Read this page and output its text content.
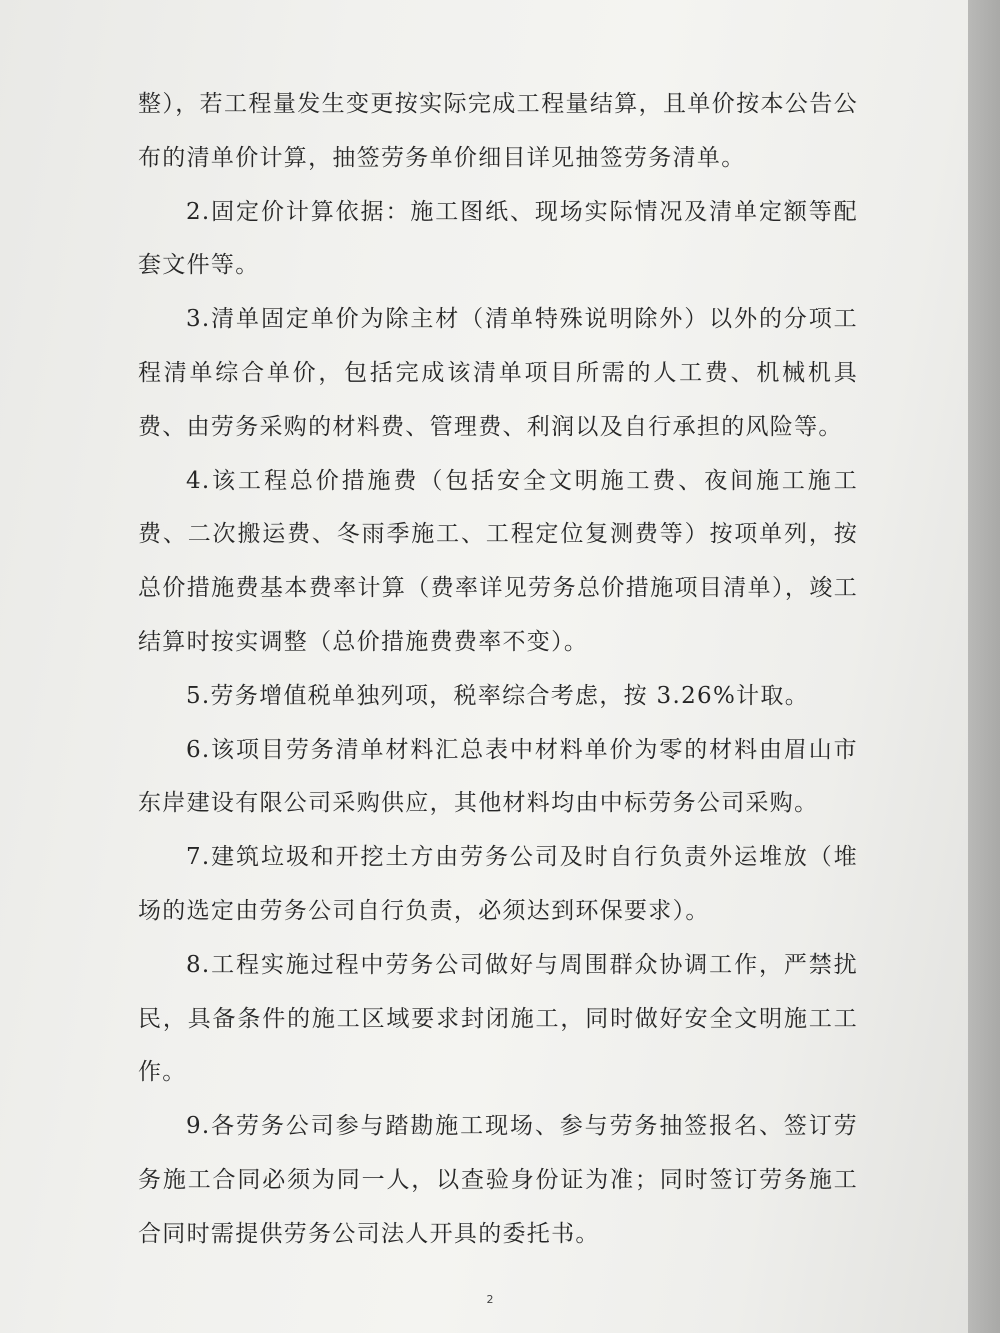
整），若工程量发生变更按实际完成工程量结算，且单价按本公告公布的清单价计算，抽签劳务单价细目详见抽签劳务清单。

2.固定价计算依据：施工图纸、现场实际情况及清单定额等配套文件等。

3.清单固定单价为除主材（清单特殊说明除外）以外的分项工程清单综合单价，包括完成该清单项目所需的人工费、机械机具费、由劳务采购的材料费、管理费、利润以及自行承担的风险等。

4.该工程总价措施费（包括安全文明施工费、夜间施工施工费、二次搬运费、冬雨季施工、工程定位复测费等）按项单列，按总价措施费基本费率计算（费率详见劳务总价措施项目清单），竣工结算时按实调整（总价措施费费率不变）。

5.劳务增值税单独列项，税率综合考虑，按 3.26%计取。

6.该项目劳务清单材料汇总表中材料单价为零的材料由眉山市东岸建设有限公司采购供应，其他材料均由中标劳务公司采购。

7.建筑垃圾和开挖土方由劳务公司及时自行负责外运堆放（堆场的选定由劳务公司自行负责，必须达到环保要求）。

8.工程实施过程中劳务公司做好与周围群众协调工作，严禁扰民，具备条件的施工区域要求封闭施工，同时做好安全文明施工工作。

9.各劳务公司参与踏勘施工现场、参与劳务抽签报名、签订劳务施工合同必须为同一人，以查验身份证为准；同时签订劳务施工合同时需提供劳务公司法人开具的委托书。

2
